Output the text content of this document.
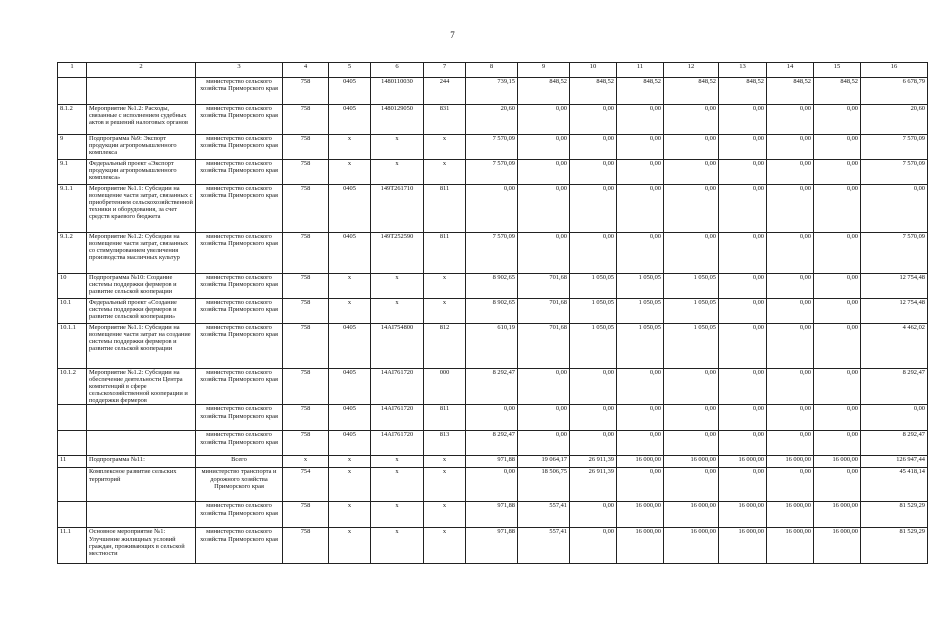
7
1	2	3	4	5	6	7	8	9	10	11	12	13	14	15	16
		министерство сельского хозяйства Приморского края	758	0405	1480110030	244	739,15	848,52	848,52	848,52	848,52	848,52	848,52	848,52	6 678,79
8.1.2	Мероприятие №1.2: Расходы, связанные с исполнением судебных актов и решений налоговых органов	министерство сельского хозяйства Приморского края	758	0405	1480129050	831	20,60	0,00	0,00	0,00	0,00	0,00	0,00	0,00	20,60
9	Подпрограмма №9: Экспорт продукции агропромышленного комплекса	министерство сельского хозяйства Приморского края	758	x	x	x	7 570,09	0,00	0,00	0,00	0,00	0,00	0,00	0,00	7 570,09
9.1	Федеральный проект «Экспорт продукции агропромышленного комплекса»	министерство сельского хозяйства Приморского края	758	x	x	x	7 570,09	0,00	0,00	0,00	0,00	0,00	0,00	0,00	7 570,09
9.1.1	Мероприятие №1.1: Субсидии на возмещение части затрат, связанных с приобретением сельскохозяйственной техники и оборудования, за счет средств краевого бюджета	министерство сельского хозяйства Приморского края	758	0405	149T261710	811	0,00	0,00	0,00	0,00	0,00	0,00	0,00	0,00	0,00
9.1.2	Мероприятие №1.2: Субсидии на возмещение части затрат, связанных со стимулированием увеличения производства масличных культур	министерство сельского хозяйства Приморского края	758	0405	149T252590	811	7 570,09	0,00	0,00	0,00	0,00	0,00	0,00	0,00	7 570,09
10	Подпрограмма №10: Создание системы поддержки фермеров и развитие сельской кооперации	министерство сельского хозяйства Приморского края	758	x	x	x	8 902,65	701,68	1 050,05	1 050,05	1 050,05	0,00	0,00	0,00	12 754,48
10.1	Федеральный проект «Создание системы поддержки фермеров и развитие сельской кооперации»	министерство сельского хозяйства Приморского края	758	x	x	x	8 902,65	701,68	1 050,05	1 050,05	1 050,05	0,00	0,00	0,00	12 754,48
10.1.1	Мероприятие №1.1: Субсидии на возмещение части затрат на создание системы поддержки фермеров и развитие сельской кооперации	министерство сельского хозяйства Приморского края	758	0405	14AI754800	812	610,19	701,68	1 050,05	1 050,05	1 050,05	0,00	0,00	0,00	4 462,02
10.1.2	Мероприятие №1.2: Субсидии на обеспечение деятельности Центра компетенций в сфере сельскохозяйственной кооперации и поддержки фермеров	министерство сельского хозяйства Приморского края	758	0405	14AI761720	000	8 292,47	0,00	0,00	0,00	0,00	0,00	0,00	0,00	8 292,47
		министерство сельского хозяйства Приморского края	758	0405	14AI761720	811	0,00	0,00	0,00	0,00	0,00	0,00	0,00	0,00	0,00
		министерство сельского хозяйства Приморского края	758	0405	14AI761720	813	8 292,47	0,00	0,00	0,00	0,00	0,00	0,00	0,00	8 292,47
11	Подпрограмма №11:	Всего	x	x	x	x	971,88	19 064,17	26 911,39	16 000,00	16 000,00	16 000,00	16 000,00	16 000,00	126 947,44
	Комплексное развитие сельских территорий	министерство транспорта и дорожного хозяйства Приморского края	754	x	x	x	0,00	18 506,75	26 911,39	0,00	0,00	0,00	0,00	0,00	45 418,14
		министерство сельского хозяйства Приморского края	758	x	x	x	971,88	557,41	0,00	16 000,00	16 000,00	16 000,00	16 000,00	16 000,00	81 529,29
11.1	Основное мероприятие №1: Улучшение жилищных условий граждан, проживающих в сельской местности	министерство сельского хозяйства Приморского края	758	x	x	x	971,88	557,41	0,00	16 000,00	16 000,00	16 000,00	16 000,00	16 000,00	81 529,29
